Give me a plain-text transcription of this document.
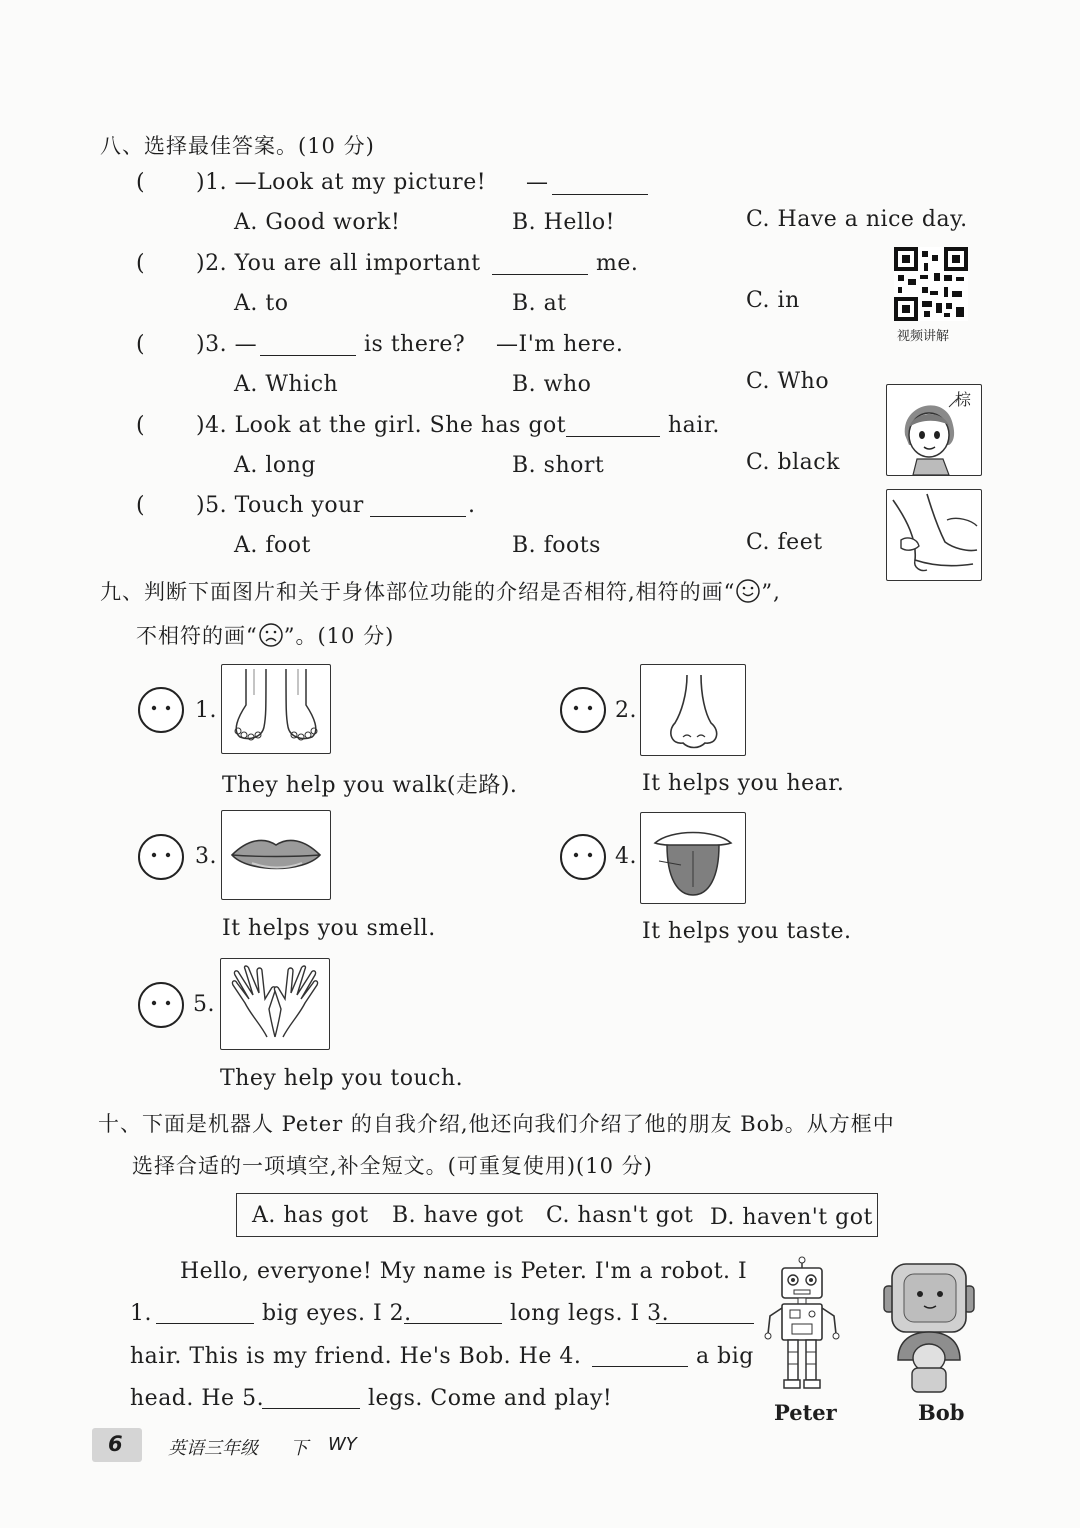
八、选择最佳答案。(10 分)
( )1. —Look at my picture! —
A. Good work!	B. Hello!	C. Have a nice day.
( )2. You are all important	me.
A. to	B. at	C. in
视频讲解
( )3. —	is there? —I'm here.
A. Which	B. who	C. Who
( )4. Look at the girl. She has got	hair.
A. long	B. short	C. black
棕
( )5. Touch your	.
A. foot	B. foots	C. feet
九、判断下面图片和关于身体部位功能的介绍是否相符,相符的画“ ”,
不相符的画“ ”。(10 分)
1.
They help you walk(走路).
2.
It helps you hear.
3.
It helps you smell.
4.
It helps you taste.
5.
They help you touch.
十、下面是机器人 Peter 的自我介绍,他还向我们介绍了他的朋友 Bob。从方框中
选择合适的一项填空,补全短文。(可重复使用)(10 分)
A. has got B. have got C. hasn't got D. haven't got
Hello, everyone! My name is Peter. I'm a robot. I
1.	big eyes. I 2.	long legs. I 3.
hair. This is my friend. He's Bob. He 4.	a big
head. He 5.	legs. Come and play!
Peter	Bob
6	英语三年级 下 WY
